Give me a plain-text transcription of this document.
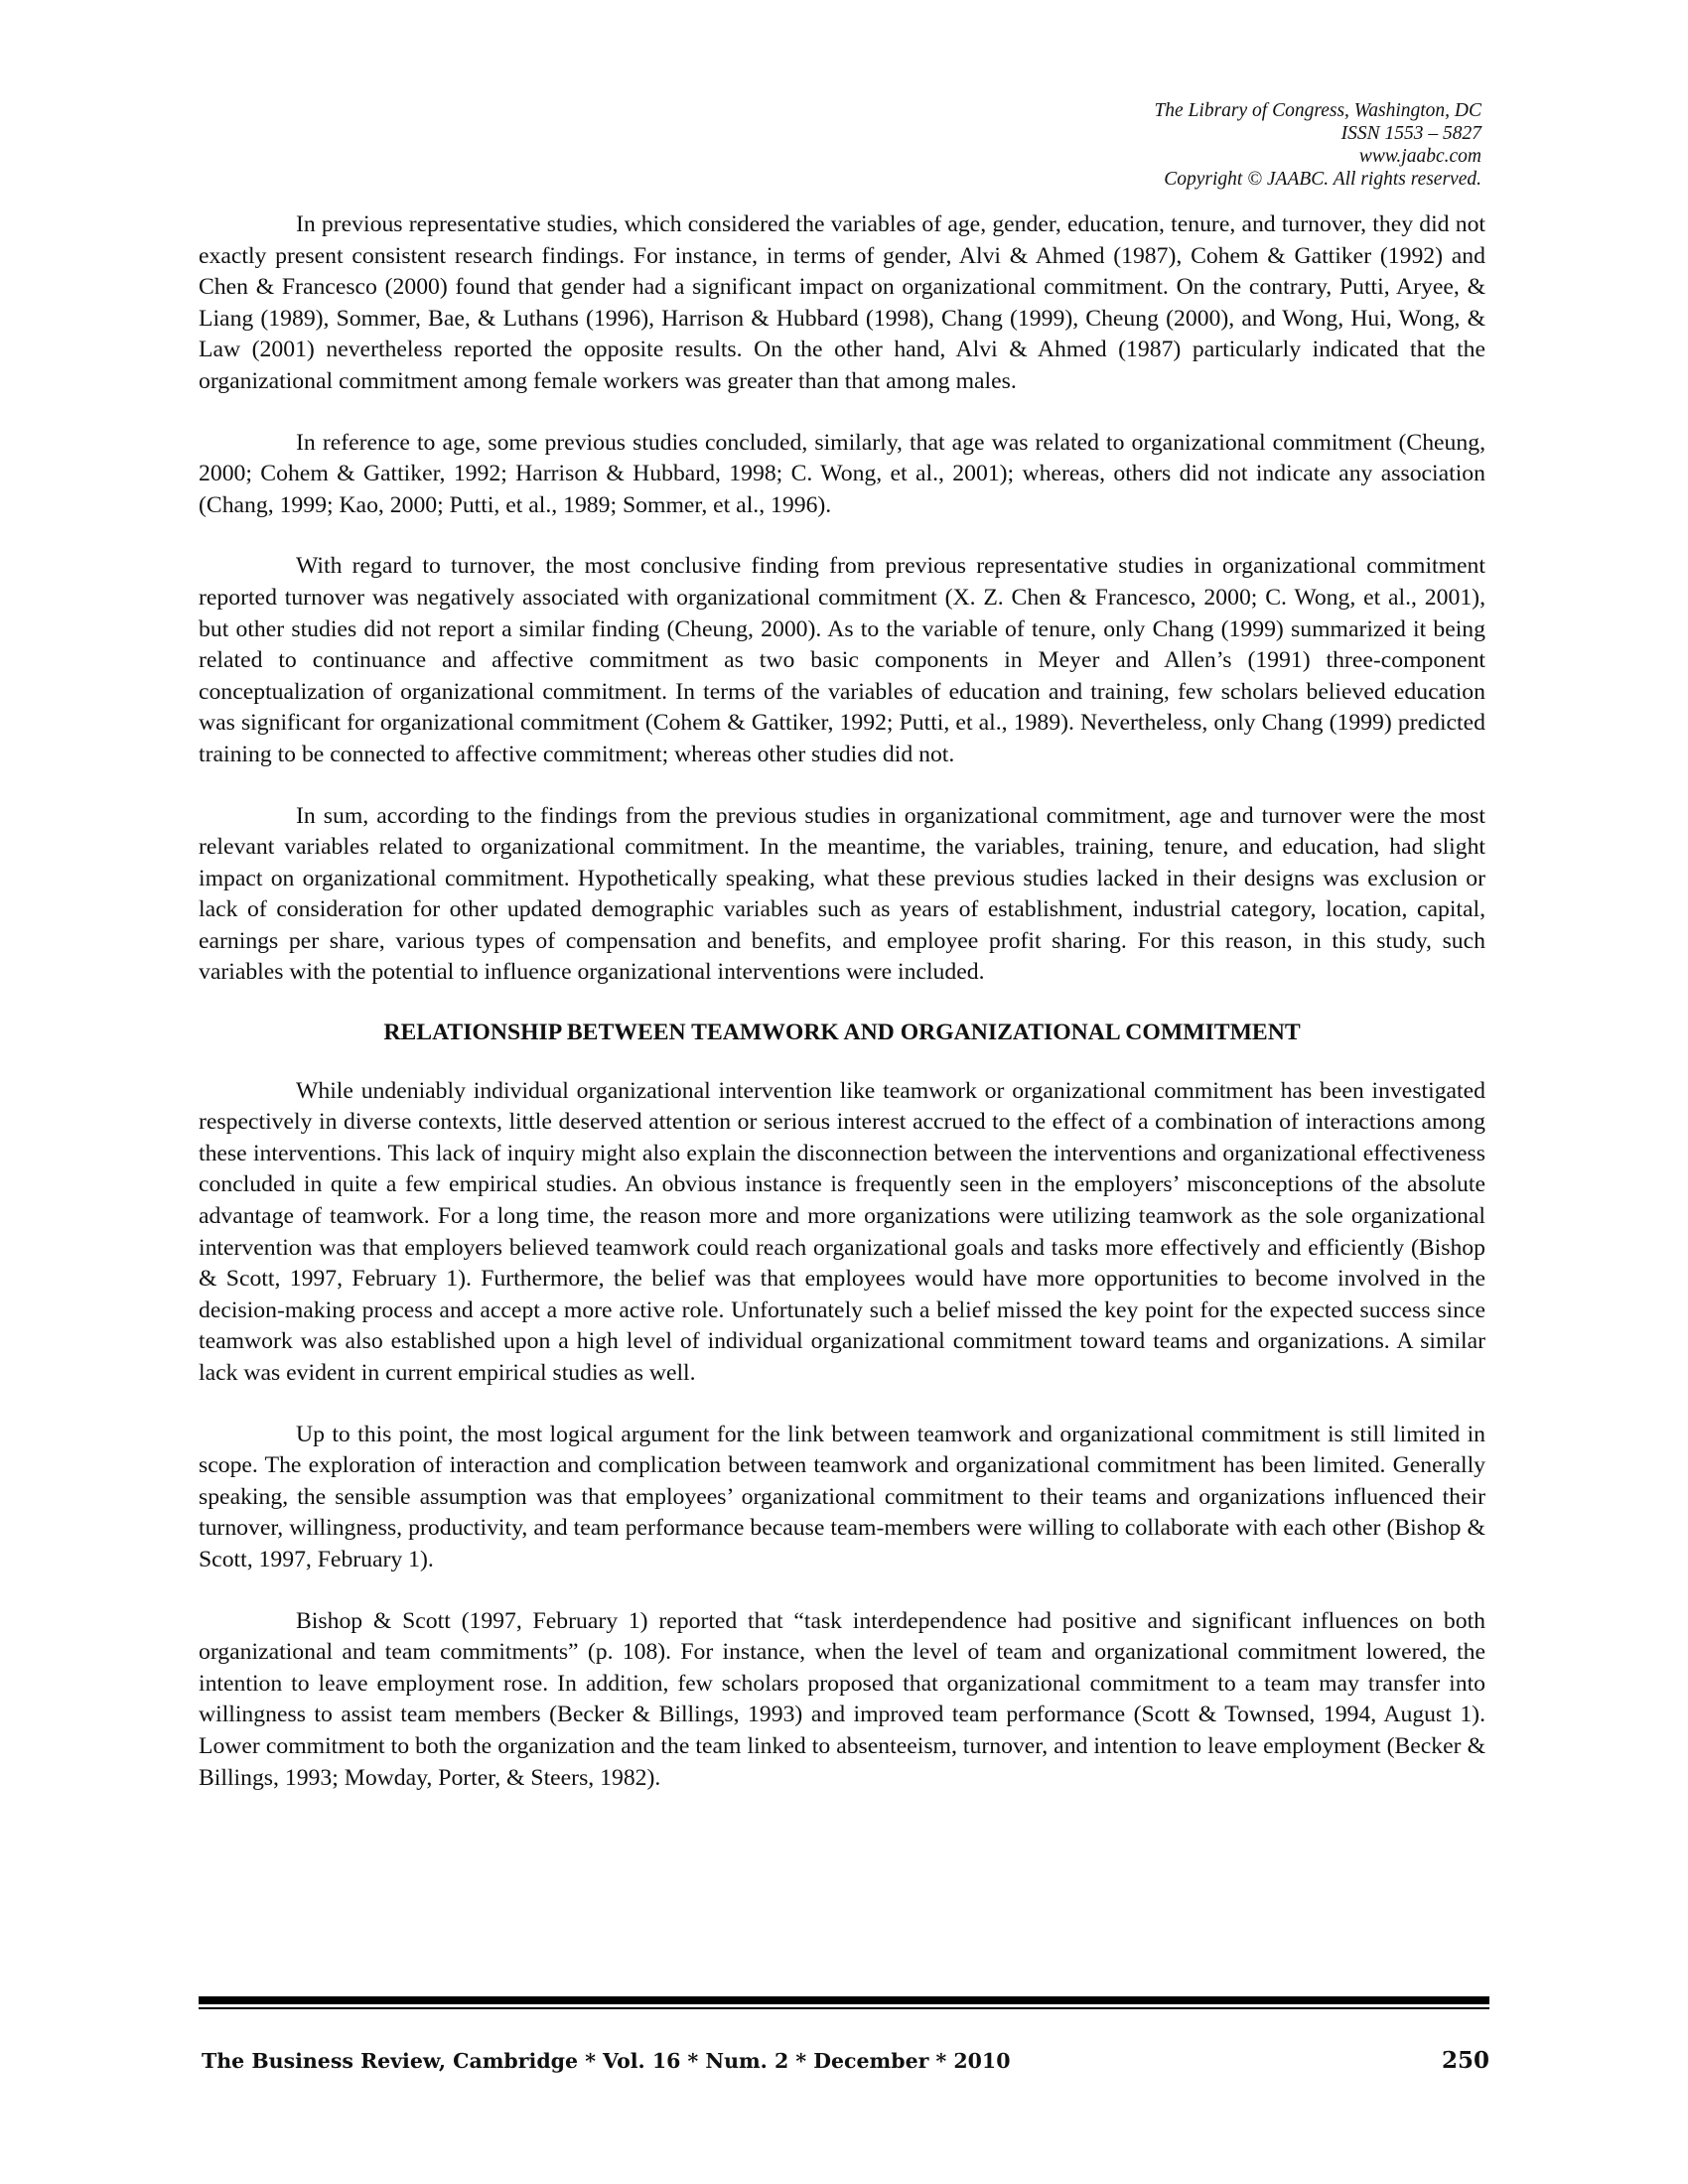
The Library of Congress, Washington, DC
ISSN 1553 – 5827
www.jaabc.com
Copyright © JAABC. All rights reserved.

In previous representative studies, which considered the variables of age, gender, education, tenure, and turnover, they did not exactly present consistent research findings. For instance, in terms of gender, Alvi & Ahmed (1987), Cohem & Gattiker (1992) and Chen & Francesco (2000) found that gender had a significant impact on organizational commitment. On the contrary, Putti, Aryee, & Liang (1989), Sommer, Bae, & Luthans (1996), Harrison & Hubbard (1998), Chang (1999), Cheung (2000), and Wong, Hui, Wong, & Law (2001) nevertheless reported the opposite results. On the other hand, Alvi & Ahmed (1987) particularly indicated that the organizational commitment among female workers was greater than that among males.

In reference to age, some previous studies concluded, similarly, that age was related to organizational commitment (Cheung, 2000; Cohem & Gattiker, 1992; Harrison & Hubbard, 1998; C. Wong, et al., 2001); whereas, others did not indicate any association (Chang, 1999; Kao, 2000; Putti, et al., 1989; Sommer, et al., 1996).

With regard to turnover, the most conclusive finding from previous representative studies in organizational commitment reported turnover was negatively associated with organizational commitment (X. Z. Chen & Francesco, 2000; C. Wong, et al., 2001), but other studies did not report a similar finding (Cheung, 2000). As to the variable of tenure, only Chang (1999) summarized it being related to continuance and affective commitment as two basic components in Meyer and Allen’s (1991) three-component conceptualization of organizational commitment. In terms of the variables of education and training, few scholars believed education was significant for organizational commitment (Cohem & Gattiker, 1992; Putti, et al., 1989). Nevertheless, only Chang (1999) predicted training to be connected to affective commitment; whereas other studies did not.

In sum, according to the findings from the previous studies in organizational commitment, age and turnover were the most relevant variables related to organizational commitment. In the meantime, the variables, training, tenure, and education, had slight impact on organizational commitment. Hypothetically speaking, what these previous studies lacked in their designs was exclusion or lack of consideration for other updated demographic variables such as years of establishment, industrial category, location, capital, earnings per share, various types of compensation and benefits, and employee profit sharing. For this reason, in this study, such variables with the potential to influence organizational interventions were included.

RELATIONSHIP BETWEEN TEAMWORK AND ORGANIZATIONAL COMMITMENT

While undeniably individual organizational intervention like teamwork or organizational commitment has been investigated respectively in diverse contexts, little deserved attention or serious interest accrued to the effect of a combination of interactions among these interventions. This lack of inquiry might also explain the disconnection between the interventions and organizational effectiveness concluded in quite a few empirical studies. An obvious instance is frequently seen in the employers’ misconceptions of the absolute advantage of teamwork. For a long time, the reason more and more organizations were utilizing teamwork as the sole organizational intervention was that employers believed teamwork could reach organizational goals and tasks more effectively and efficiently (Bishop & Scott, 1997, February 1). Furthermore, the belief was that employees would have more opportunities to become involved in the decision-making process and accept a more active role. Unfortunately such a belief missed the key point for the expected success since teamwork was also established upon a high level of individual organizational commitment toward teams and organizations. A similar lack was evident in current empirical studies as well.

Up to this point, the most logical argument for the link between teamwork and organizational commitment is still limited in scope. The exploration of interaction and complication between teamwork and organizational commitment has been limited. Generally speaking, the sensible assumption was that employees’ organizational commitment to their teams and organizations influenced their turnover, willingness, productivity, and team performance because team-members were willing to collaborate with each other (Bishop & Scott, 1997, February 1).

Bishop & Scott (1997, February 1) reported that “task interdependence had positive and significant influences on both organizational and team commitments” (p. 108). For instance, when the level of team and organizational commitment lowered, the intention to leave employment rose. In addition, few scholars proposed that organizational commitment to a team may transfer into willingness to assist team members (Becker & Billings, 1993) and improved team performance (Scott & Townsed, 1994, August 1). Lower commitment to both the organization and the team linked to absenteeism, turnover, and intention to leave employment (Becker & Billings, 1993; Mowday, Porter, & Steers, 1982).

The Business Review, Cambridge * Vol. 16 * Num. 2 * December * 2010	250
